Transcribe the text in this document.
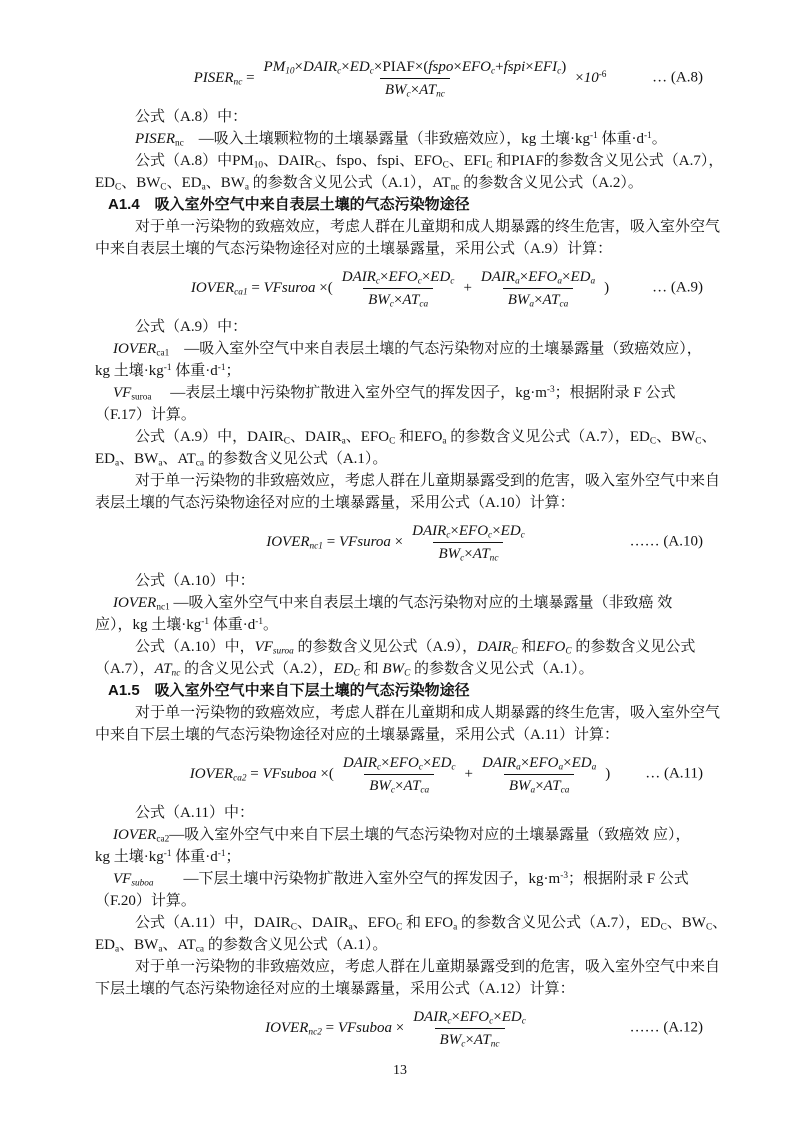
$PISER_{nc} = \frac{PM_{10}\times DAIR_c\times ED_c\times PIAF\times(fspo\times EFO_c+fspi\times EFI_c)}{BW_c\times AT_{nc}} \times 10^{-6}$	… (A.8)

公式（A.8）中：

$PISER_{nc}$　—吸入土壤颗粒物的土壤暴露量（非致癌效应），kg 土壤$\cdot kg^{-1}$ 体重$\cdot d^{-1}$。

公式（A.8）中$PM_{10}$、$DAIR_C$、fspo、fspi、$EFO_C$、$EFI_C$ 和PIAF的参数含义见公式（A.7），

$ED_C$、$BW_C$、$ED_a$、$BW_a$ 的参数含义见公式（A.1），$AT_{nc}$ 的参数含义见公式（A.2）。

A1.4　吸入室外空气中来自表层土壤的气态污染物途径

对于单一污染物的致癌效应，考虑人群在儿童期和成人期暴露的终生危害，吸入室外空气

中来自表层土壤的气态污染物途径对应的土壤暴露量，采用公式（A.9）计算：

$IOVER_{ca1}$ = VFsuroa ×( $\frac{DAIR_c\times EFO_c\times ED_c}{BW_c\times AT_{ca}} + \frac{DAIR_a\times EFO_a\times ED_a}{BW_a\times AT_{ca}}$ )	… (A.9)

公式（A.9）中：

$IOVER_{ca1}$　—吸入室外空气中来自表层土壤的气态污染物对应的土壤暴露量（致癌效应），

kg 土壤$\cdot kg^{-1}$ 体重$\cdot d^{-1}$；

$VF_{suroa}$　 —表层土壤中污染物扩散进入室外空气的挥发因子，$kg\cdot m^{-3}$；根据附录 F 公式

（F.17）计算。

公式（A.9）中，$DAIR_C$、$DAIR_a$、$EFO_C$ 和$EFO_a$ 的参数含义见公式（A.7），$ED_C$、$BW_C$、

$ED_a$、$BW_a$、$AT_{ca}$ 的参数含义见公式（A.1）。

对于单一污染物的非致癌效应，考虑人群在儿童期暴露受到的危害，吸入室外空气中来自

表层土壤的气态污染物途径对应的土壤暴露量，采用公式（A.10）计算：

$IOVER_{nc1}$ = VFsuroa × $\frac{DAIR_c\times EFO_c\times ED_c}{BW_c\times AT_{nc}}$	…… (A.10)

公式（A.10）中：

$IOVER_{nc1}$ —吸入室外空气中来自表层土壤的气态污染物对应的土壤暴露量（非致癌 效

应），kg 土壤$\cdot kg^{-1}$ 体重$\cdot d^{-1}$。

公式（A.10）中，$VF_{suroa}$ 的参数含义见公式（A.9），$DAIR_C$ 和$EFO_C$ 的参数含义见公式

（A.7），$AT_{nc}$ 的含义见公式（A.2），$ED_C$ 和 $BW_C$ 的参数含义见公式（A.1）。

A1.5　吸入室外空气中来自下层土壤的气态污染物途径

对于单一污染物的致癌效应，考虑人群在儿童期和成人期暴露的终生危害，吸入室外空气

中来自下层土壤的气态污染物途径对应的土壤暴露量，采用公式（A.11）计算：

$IOVER_{ca2}$ = VFsuboa ×( $\frac{DAIR_c\times EFO_c\times ED_c}{BW_c\times AT_{ca}} + \frac{DAIR_a\times EFO_a\times ED_a}{BW_a\times AT_{ca}}$ ) … (A.11)

公式（A.11）中：

$IOVER_{ca2}—$吸入室外空气中来自下层土壤的气态污染物对应的土壤暴露量（致癌效 应），

kg 土壤$\cdot kg^{-1}$ 体重$\cdot d^{-1}$；

$VF_{suboa}$　　—下层土壤中污染物扩散进入室外空气的挥发因子，$kg\cdot m^{-3}$；根据附录 F 公式

（F.20）计算。

公式（A.11）中，$DAIR_C$、$DAIR_a$、$EFO_C$ 和 $EFO_a$ 的参数含义见公式（A.7），$ED_C$、$BW_C$、

$ED_a$、$BW_a$、$AT_{ca}$ 的参数含义见公式（A.1）。

对于单一污染物的非致癌效应，考虑人群在儿童期暴露受到的危害，吸入室外空气中来自

下层土壤的气态污染物途径对应的土壤暴露量，采用公式（A.12）计算：

$IOVER_{nc2}$ = VFsuboa × $\frac{DAIR_c\times EFO_c\times ED_c}{BW_c\times AT_{nc}}$	…… (A.12)
13
